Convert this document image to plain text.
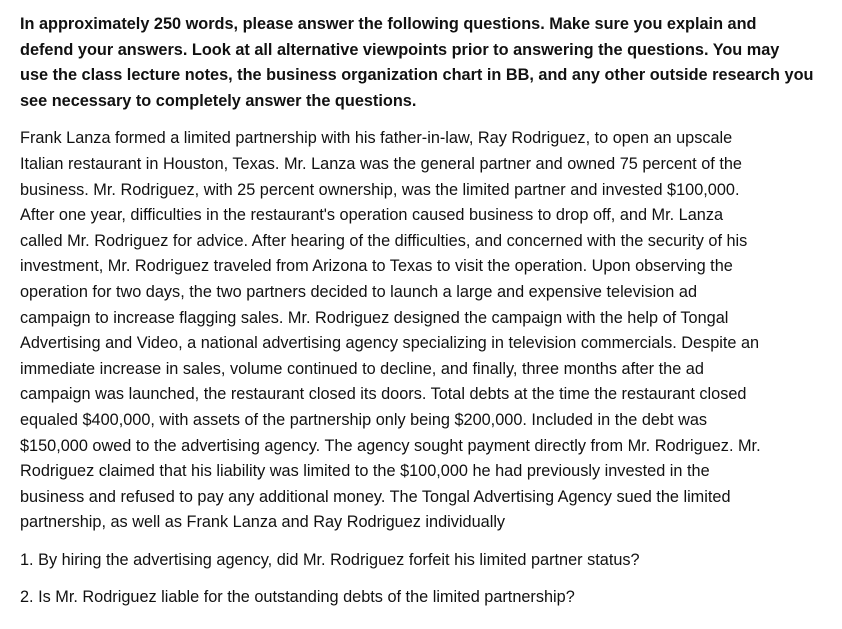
In approximately 250 words, please answer the following questions. Make sure you explain and
defend your answers. Look at all alternative viewpoints prior to answering the questions. You may
use the class lecture notes, the business organization chart in BB, and any other outside research you
see necessary to completely answer the questions.

Frank Lanza formed a limited partnership with his father-in-law, Ray Rodriguez, to open an upscale
Italian restaurant in Houston, Texas. Mr. Lanza was the general partner and owned 75 percent of the
business. Mr. Rodriguez, with 25 percent ownership, was the limited partner and invested $100,000.
After one year, difficulties in the restaurant's operation caused business to drop off, and Mr. Lanza
called Mr. Rodriguez for advice. After hearing of the difficulties, and concerned with the security of his
investment, Mr. Rodriguez traveled from Arizona to Texas to visit the operation. Upon observing the
operation for two days, the two partners decided to launch a large and expensive television ad
campaign to increase flagging sales. Mr. Rodriguez designed the campaign with the help of Tongal
Advertising and Video, a national advertising agency specializing in television commercials. Despite an
immediate increase in sales, volume continued to decline, and finally, three months after the ad
campaign was launched, the restaurant closed its doors. Total debts at the time the restaurant closed
equaled $400,000, with assets of the partnership only being $200,000. Included in the debt was
$150,000 owed to the advertising agency. The agency sought payment directly from Mr. Rodriguez. Mr.
Rodriguez claimed that his liability was limited to the $100,000 he had previously invested in the
business and refused to pay any additional money. The Tongal Advertising Agency sued the limited
partnership, as well as Frank Lanza and Ray Rodriguez individually

1. By hiring the advertising agency, did Mr. Rodriguez forfeit his limited partner status?

2. Is Mr. Rodriguez liable for the outstanding debts of the limited partnership?
